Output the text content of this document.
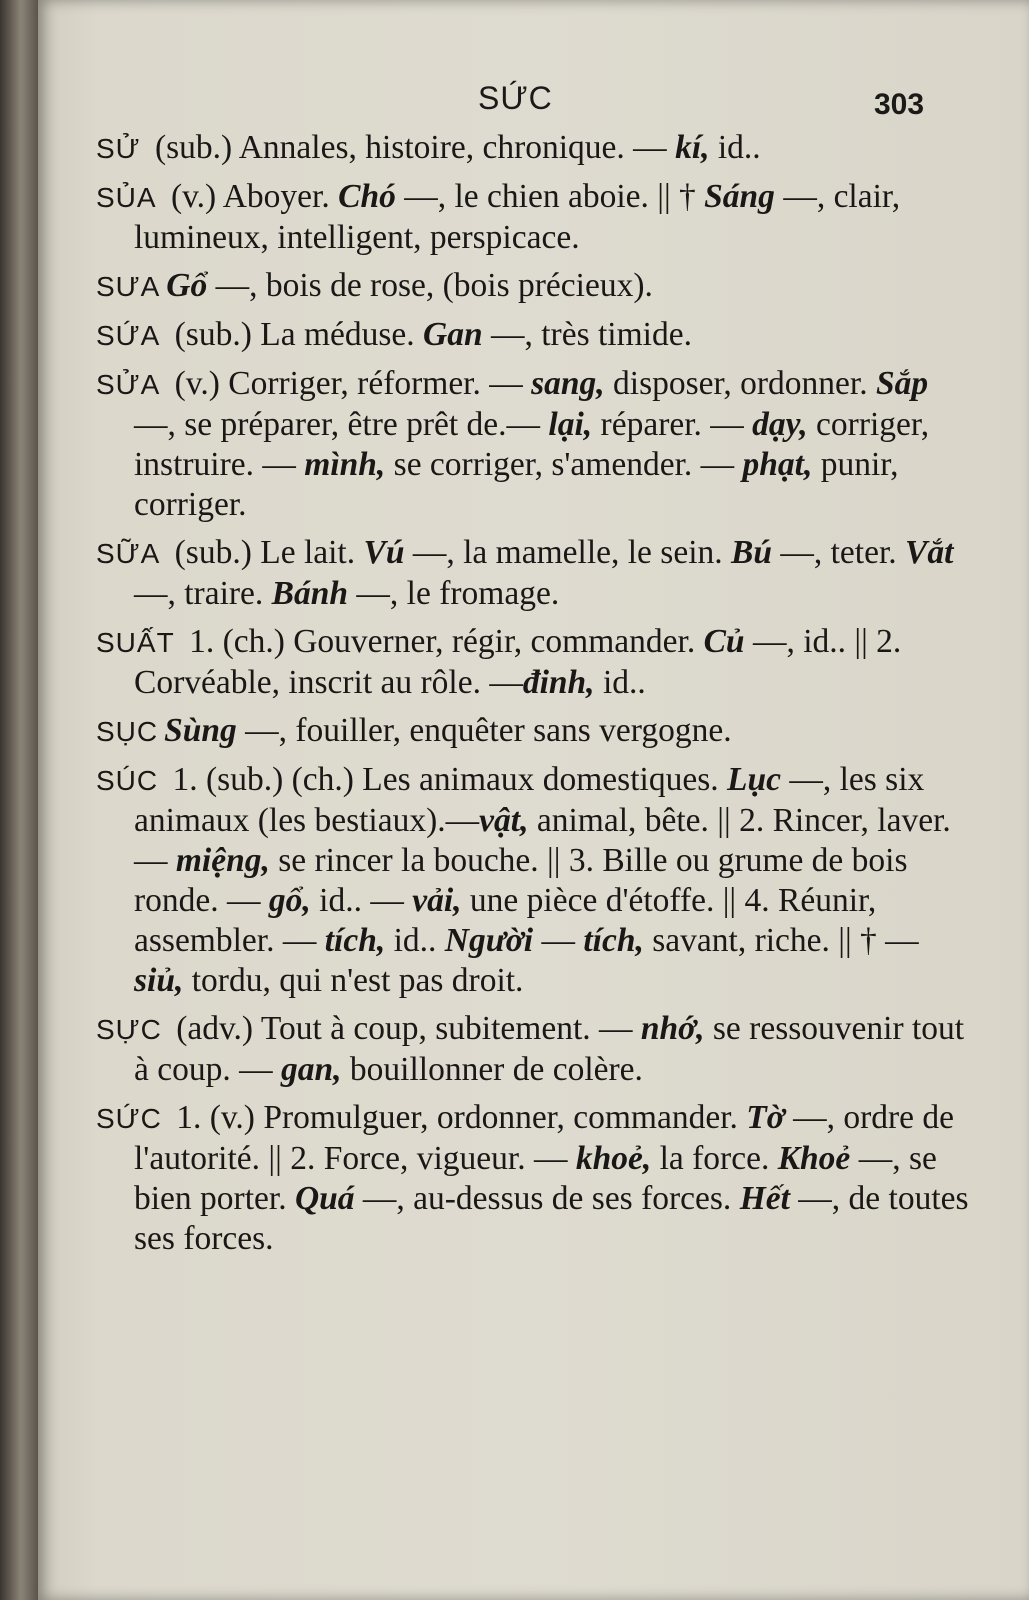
SỨC	303

SỬ (sub.) Annales, histoire, chronique. — kí, id..

SỦA (v.) Aboyer. Chó —, le chien aboie. || † Sáng —, clair, lumineux, intelligent, perspicace.

SƯA Gổ —, bois de rose, (bois précieux).

SỨA (sub.) La méduse. Gan —, très timide.

SỬA (v.) Corriger, réformer. — sang, disposer, ordonner. Sắp —, se préparer, être prêt de.— lại, réparer. — dạy, corriger, instruire. — mình, se corriger, s'amender. — phạt, punir, corriger.

SỮA (sub.) Le lait. Vú —, la mamelle, le sein. Bú —, teter. Vắt —, traire. Bánh —, le fromage.

SUẤT 1. (ch.) Gouverner, régir, commander. Củ —, id.. || 2. Corvéable, inscrit au rôle. —đinh, id..

SỤC Sùng —, fouiller, enquêter sans vergogne.

SÚC 1. (sub.) (ch.) Les animaux domestiques. Lục —, les six animaux (les bestiaux).—vật, animal, bête. || 2. Rincer, laver. — miệng, se rincer la bouche. || 3. Bille ou grume de bois ronde. — gổ, id.. — vải, une pièce d'étoffe. || 4. Réunir, assembler. — tích, id.. Người — tích, savant, riche. || † — siủ, tordu, qui n'est pas droit.

SỰC (adv.) Tout à coup, subitement. — nhớ, se ressouvenir tout à coup. — gan, bouillonner de colère.

SỨC 1. (v.) Promulguer, ordonner, commander. Tờ —, ordre de l'autorité. || 2. Force, vigueur. — khoẻ, la force. Khoẻ —, se bien porter. Quá —, au-dessus de ses forces. Hết —, de toutes ses forces.
